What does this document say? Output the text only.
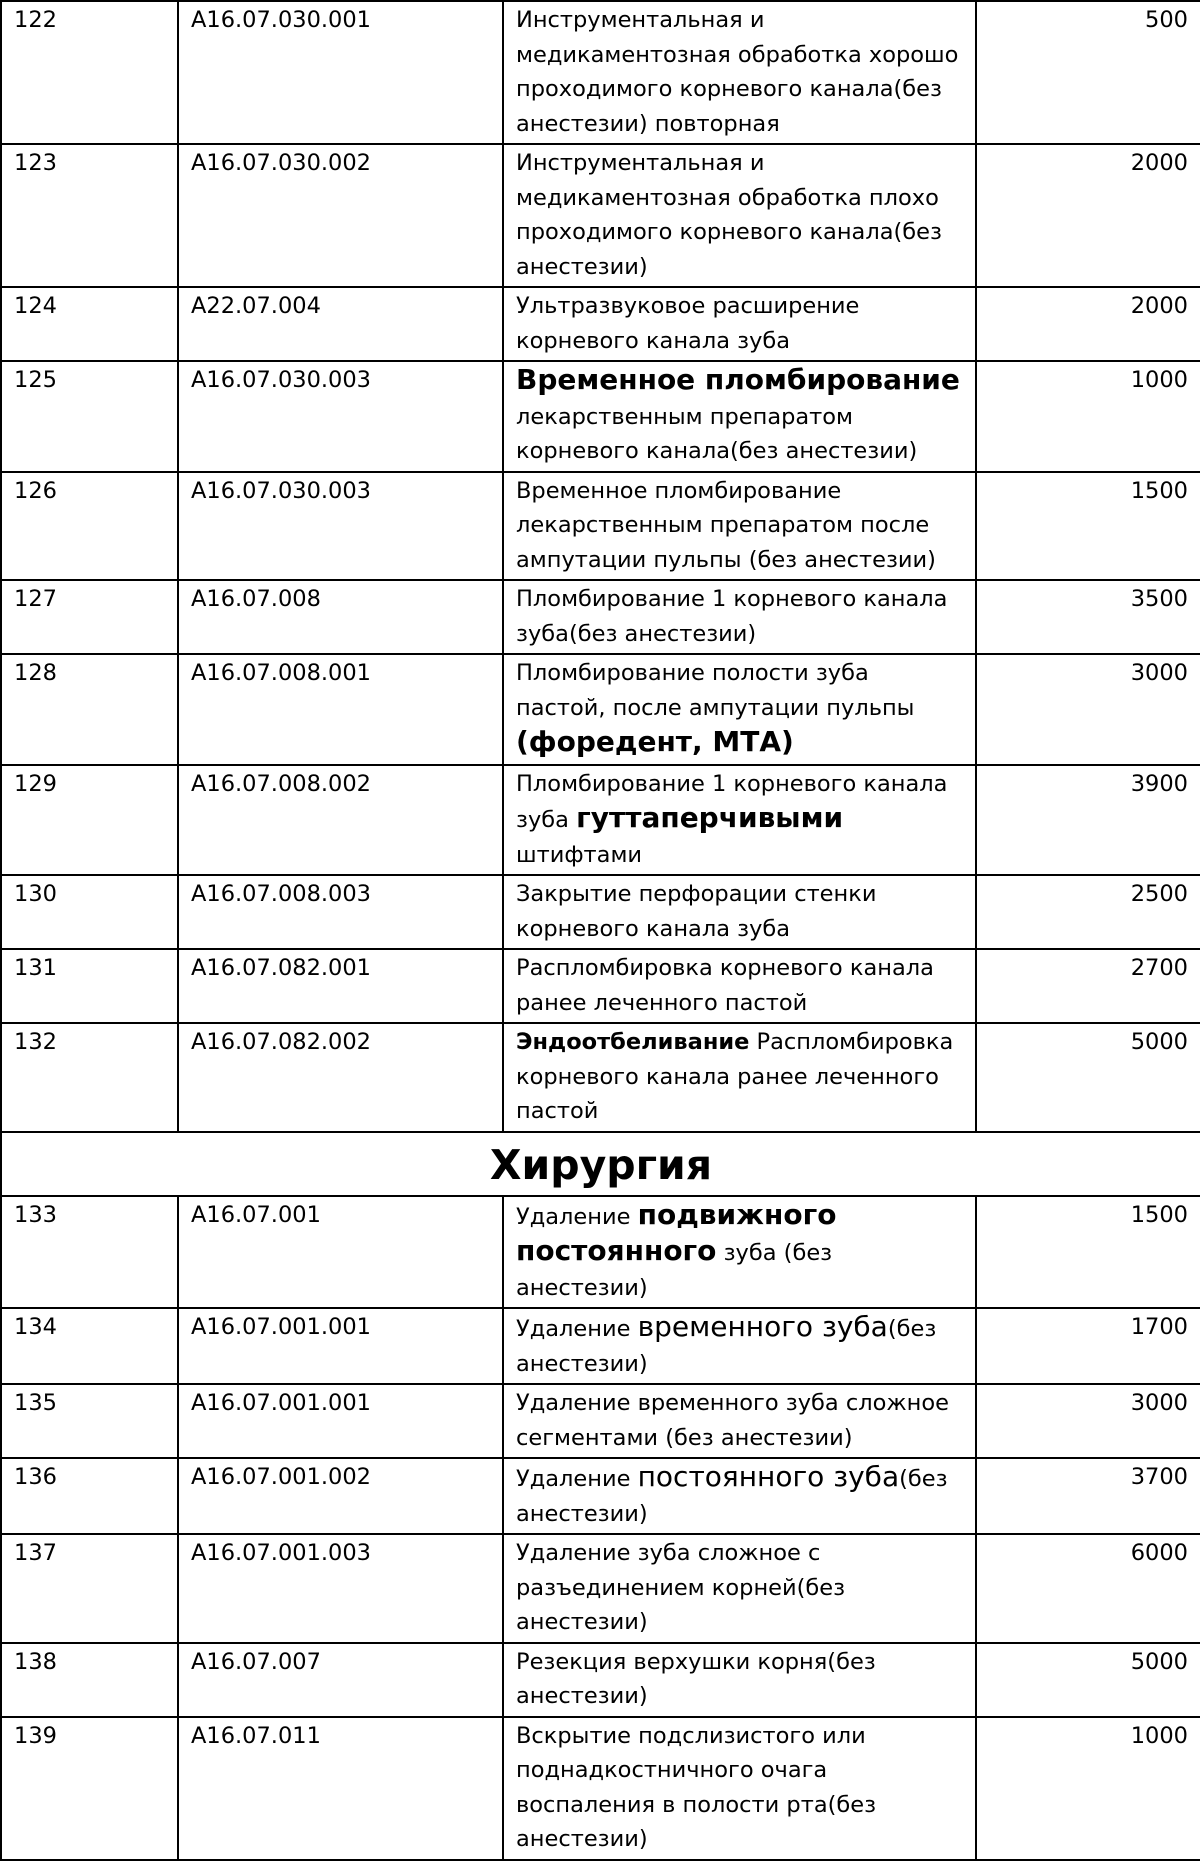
122	A16.07.030.001	Инструментальная и медикаментозная обработка хорошо проходимого корневого канала(без анестезии) повторная	500
123	A16.07.030.002	Инструментальная и медикаментозная обработка плохо проходимого корневого канала(без анестезии)	2000
124	A22.07.004	Ультразвуковое расширение корневого канала зуба	2000
125	A16.07.030.003	Временное пломбирование лекарственным препаратом корневого канала(без анестезии)	1000
126	A16.07.030.003	Временное пломбирование лекарственным препаратом после ампутации пульпы (без анестезии)	1500
127	A16.07.008	Пломбирование 1 корневого канала зуба(без анестезии)	3500
128	A16.07.008.001	Пломбирование полости зуба пастой, после ампутации пульпы (форедент, МТА)	3000
129	A16.07.008.002	Пломбирование 1 корневого канала зуба гуттаперчивыми штифтами	3900
130	A16.07.008.003	Закрытие перфорации стенки корневого канала зуба	2500
131	A16.07.082.001	Распломбировка корневого канала ранее леченного пастой	2700
132	A16.07.082.002	Эндоотбеливание Распломбировка корневого канала ранее леченного пастой	5000
Хирургия			
133	A16.07.001	Удаление подвижного постоянного зуба (без анестезии)	1500
134	A16.07.001.001	Удаление временного зуба(без анестезии)	1700
135	A16.07.001.001	Удаление временного зуба сложное сегментами (без анестезии)	3000
136	A16.07.001.002	Удаление постоянного зуба(без анестезии)	3700
137	A16.07.001.003	Удаление зуба сложное с разъединением корней(без анестезии)	6000
138	A16.07.007	Резекция верхушки корня(без анестезии)	5000
139	A16.07.011	Вскрытие подслизистого или поднадкостничного очага воспаления в полости рта(без анестезии)	1000
